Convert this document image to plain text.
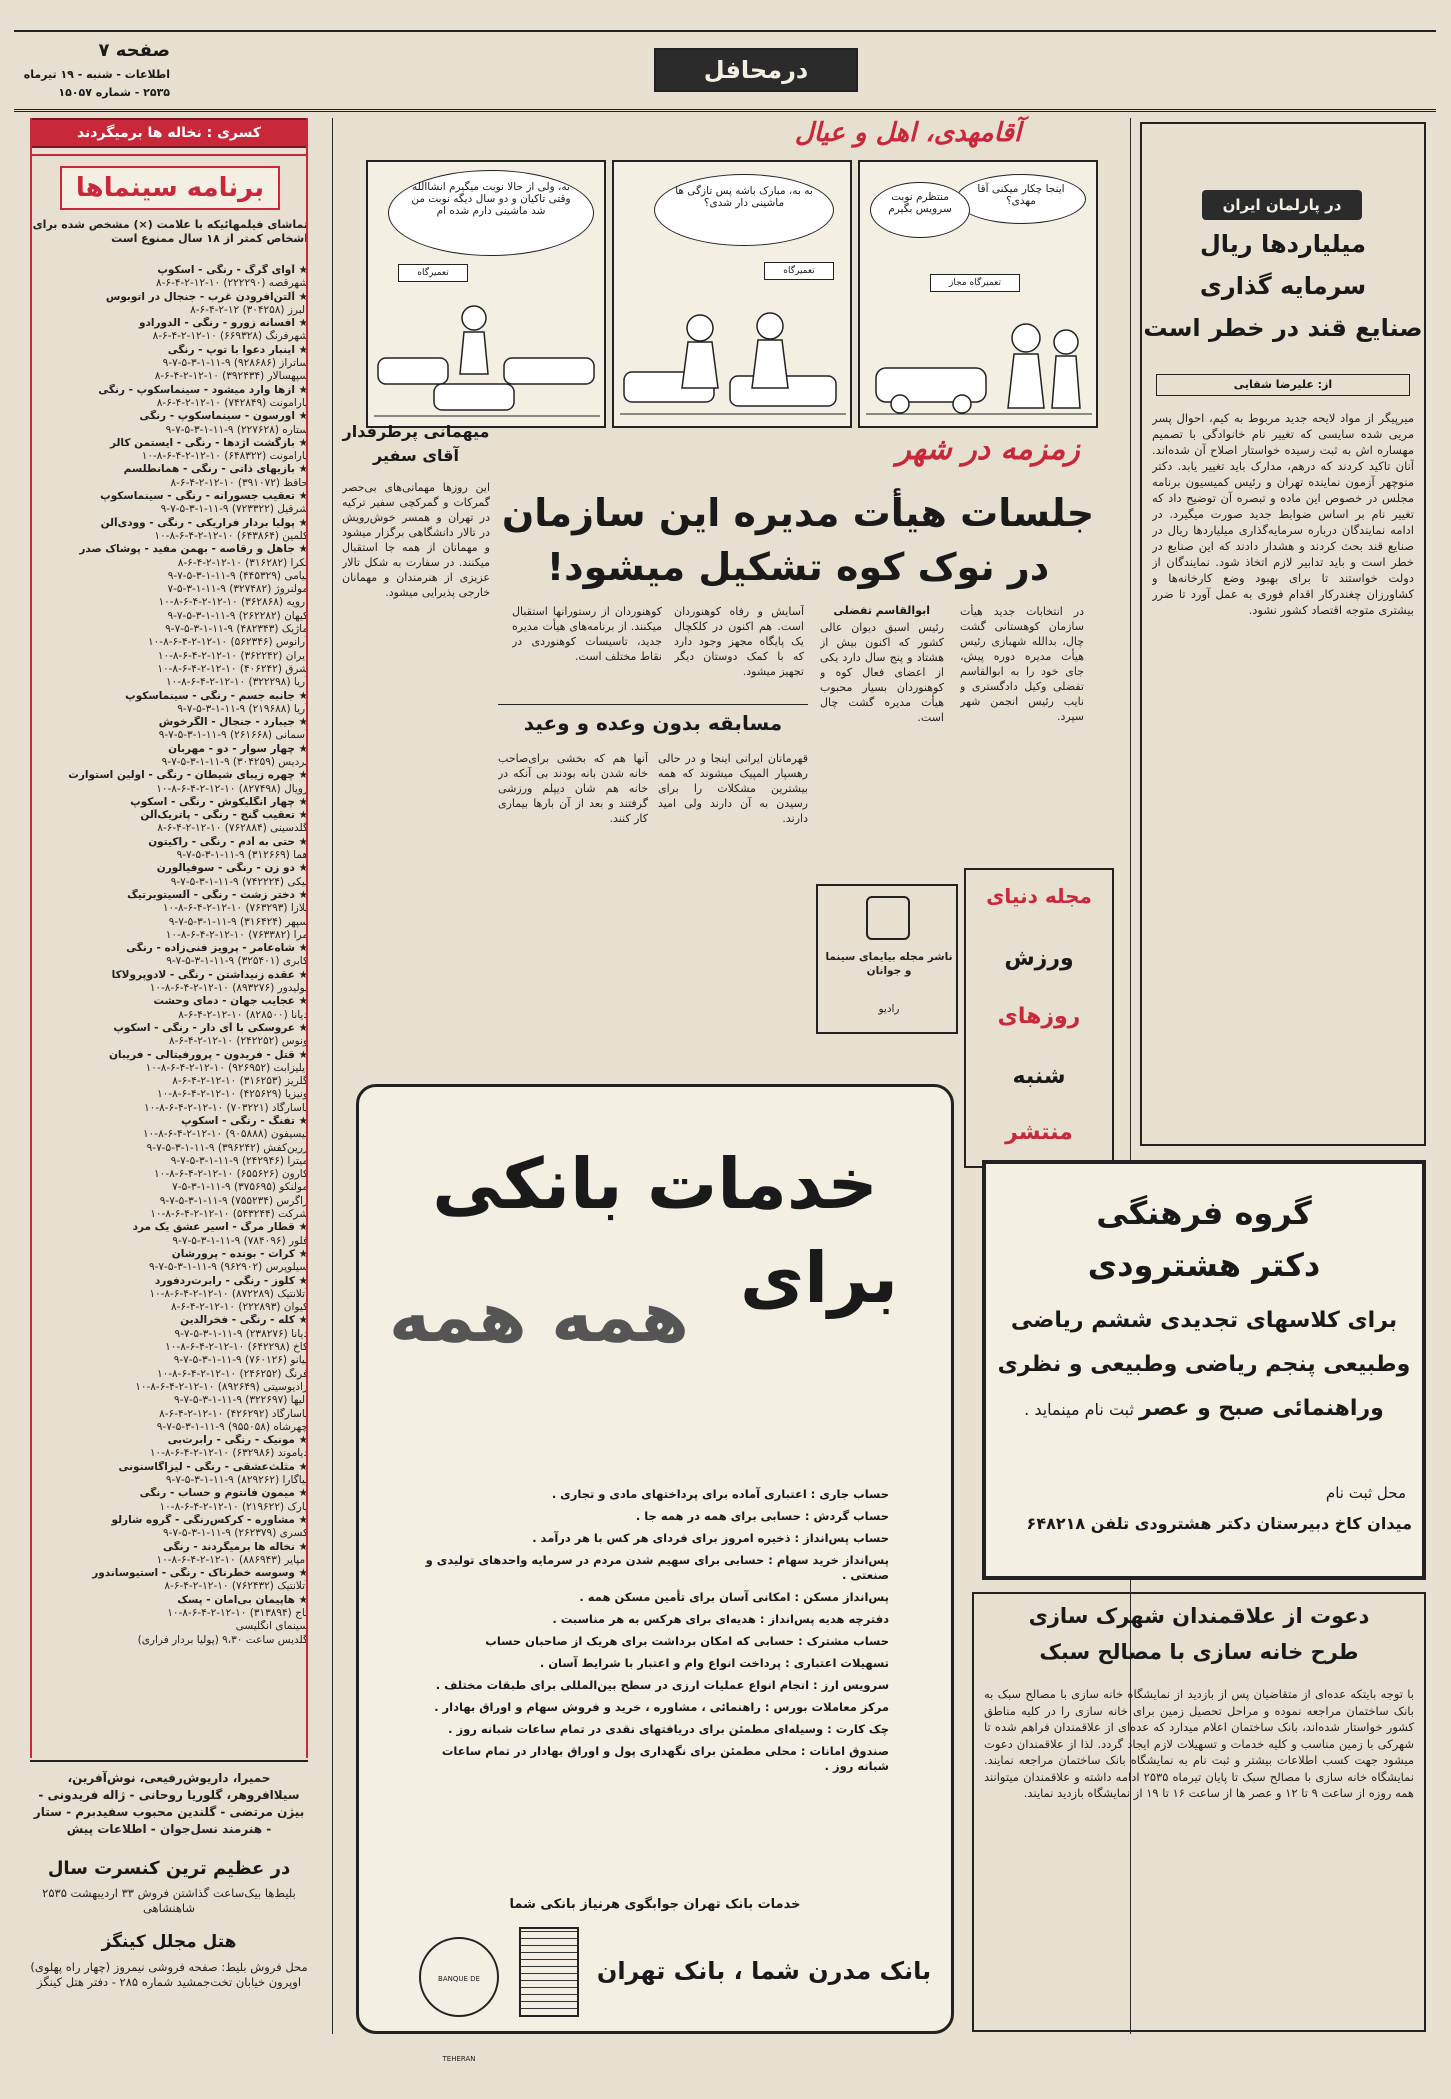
صفحه ۷
اطلاعات - شنبه - ۱۹ تیرماه
۲۵۳۵ - شماره ۱۵۰۵۷
درمحافل
کسری : نخاله ها برمیگردند
برنامه سینماها
تماشای فیلمهائیکه با علامت (×) مشخص شده برای اشخاص کمتر از ۱۸ سال ممنوع است
★ آوای گرگ - رنگی - اسکوپ
شهرقصه (۲۲۲۲۹۰) ۱۰-۱۲-۲-۴-۶-۸
★ آلتن‌افرودن غرب - جنجال در اتوبوس
البرز (۳۰۴۲۵۸) ۱۲-۲-۴-۶-۸
★ افسانه زورو - رنگی - الدورادو
شهرفرنگ (۶۶۹۳۲۸) ۱۰-۱۲-۲-۴-۶-۸
★ اینبار دعوا با توپ - رنگی
ساتراز (۹۲۸۶۸۶) ۹-۱۱-۱-۳-۵-۷-۹
سپهسالار (۳۹۲۴۳۴) ۱۰-۱۲-۲-۴-۶-۸
★ ازها وارد میشود - سینماسکوپ - رنگی
پارامونت (۷۴۲۸۴۹) ۱۰-۱۲-۲-۴-۶-۸
★ اورسون - سینماسکوپ - رنگی
ستاره (۲۲۷۶۲۸) ۹-۱۱-۱-۳-۵-۷-۹
★ بازگشت اژدها - رنگی - ایستمن کالر
پارامونت (۶۴۸۳۲۲) ۱۰-۱۲-۲-۴-۶-۸-۱۰
★ بازیهای ذاتی - رنگی - همانطلسم
حافظ (۳۹۱۰۷۲) ۱۰-۱۲-۲-۴-۶-۸
★ تعقیب جسورانه - رنگی - سینماسکوپ
شرقیل (۷۲۳۳۲۲) ۹-۱۱-۱-۳-۵-۷-۹
★ پولیا بردار فراریکی - رنگی - وودی‌آلن
کلمین (۶۴۳۸۶۴) ۱۰-۱۲-۲-۴-۶-۸-۱۰
★ جاهل و رقاصه - بهمن مفید - پوشاک صدر
تکرا (۳۱۶۲۸۲) ۱۰-۱۲-۲-۴-۶-۸
پیامی (۴۴۵۳۲۹) ۹-۱۱-۱-۳-۵-۷-۹
مولنروژ (۳۲۷۴۸۲) ۹-۱۱-۱-۳-۵-۷
ارویه (۳۶۲۸۶۸) ۱۰-۱۲-۲-۴-۶-۸-۱۰
کیهان (۲۶۲۲۸۲) ۹-۱۱-۱-۳-۵-۷-۹
ماژیک (۴۸۲۳۴۳) ۹-۱۱-۱-۳-۵-۷-۹
آرانوس (۵۶۲۳۴۶) ۱۰-۱۲-۲-۴-۶-۸-۱۰
ایران (۳۶۲۲۴۲) ۱۰-۱۲-۲-۴-۶-۸-۱۰
شرق (۴۰۶۲۴۲) ۱۰-۱۲-۲-۴-۶-۸-۱۰
آریا (۳۲۲۲۹۸) ۱۰-۱۲-۲-۴-۶-۸-۱۰
★ جانبه جسم - رنگی - سینماسکوپ
آریا (۲۱۹۶۸۸) ۹-۱۱-۱-۳-۵-۷-۹
★ جیبارد - جنجال - الگرخوش
آسمانی (۲۶۱۶۶۸) ۹-۱۱-۱-۳-۵-۷-۹
★ چهار سوار - دو - مهربان
پردیس (۳۰۴۲۵۹) ۹-۱۱-۱-۳-۵-۷-۹
★ چهره زیبای شیطان - رنگی - اولین استوارت
رویال (۸۲۷۴۹۸) ۱۰-۱۲-۲-۴-۶-۸-۱۰
★ چهار انگلیکوش - رنگی - اسکوپ
★ تعقیب گنج - رنگی - پاتریک‌آلن
گلدسینی (۷۶۲۸۸۴) ۱۰-۱۲-۲-۴-۶-۸
★ حتی به آدم - رنگی - راکیتون
هما (۳۱۲۶۶۹) ۹-۱۱-۱-۳-۵-۷-۹
★ دو زن - رنگی - سوفیالورن
نیکی (۷۴۲۲۲۴) ۹-۱۱-۱-۳-۵-۷-۹
★ دختر زشت - رنگی - آلسیتوبرتیگ
پلازا (۷۶۳۲۹۳) ۱۰-۱۲-۲-۴-۶-۸-۱۰
سپهر (۳۱۶۴۲۴) ۹-۱۱-۱-۳-۵-۷-۹
مرا (۷۶۳۳۸۲) ۱۰-۱۲-۲-۴-۶-۸-۱۰
★ شاه‌عامر - پرویز فنی‌زاده - رنگی
کابری (۳۲۵۴۰۱) ۹-۱۱-۱-۳-۵-۷-۹
★ عقده زنیداشتن - رنگی - لادوپرولاکا
پولیدور (۸۹۳۲۷۶) ۱۰-۱۲-۲-۴-۶-۸-۱۰
★ عجایب جهان - دمای وحشت
دیانا (۸۲۸۵۰۰) ۱۰-۱۲-۲-۴-۶-۸
★ عروسکی با آی دار - رنگی - اسکوپ
ونوس (۲۴۲۲۵۲) ۱۰-۱۲-۲-۴-۶-۸
★ قتل - فریدون - پرورفیتالی - فریبان
ایلیزابت (۹۲۶۹۵۲) ۱۰-۱۲-۲-۴-۶-۸-۱۰
گلریز (۳۱۶۲۵۳) ۱۰-۱۲-۲-۴-۶-۸
ونیزیا (۴۲۵۶۲۹) ۱۰-۱۲-۲-۴-۶-۸-۱۰
پاسارگاد (۷۰۳۲۲۱) ۱۰-۱۲-۲-۴-۶-۸-۱۰
★ تفنگ - رنگی - اسکوپ
تیسیفون (۹۰۵۸۸۸) ۱۰-۱۲-۲-۴-۶-۸-۱۰
زرین‌کفش (۳۹۶۲۴۲) ۹-۱۱-۱-۳-۵-۷-۹
میترا (۲۴۲۹۴۶) ۹-۱۱-۱-۳-۵-۷-۹
کارون (۶۵۵۶۲۶) ۱۰-۱۲-۲-۴-۶-۸-۱۰
مولنکو (۳۷۵۶۹۵) ۹-۱۱-۱-۳-۵-۷
زاگرس (۷۵۵۲۳۴) ۹-۱۱-۱-۳-۵-۷-۹
شرکت (۵۴۳۲۴۴) ۱۰-۱۲-۲-۴-۶-۸-۱۰
★ قطار مرگ - اسیر عشق یک مرد
فلور (۷۸۴۰۹۶) ۹-۱۱-۱-۳-۵-۷-۹
★ کرات - بونده - پرورشان
سیلوپرس (۹۶۲۹۰۲) ۹-۱۱-۱-۳-۵-۷-۹
★ کلوز - رنگی - رابرت‌ردفورد
آتلانتیک (۸۷۲۲۸۹) ۱۰-۱۲-۲-۴-۶-۸-۱۰
کیوان (۲۲۲۸۹۳) ۱۰-۱۲-۲-۴-۶-۸
★ کله - رنگی - فخرالدین
دیانا (۲۳۸۲۷۶) ۹-۱۱-۱-۳-۵-۷-۹
کاخ (۶۴۲۲۹۸) ۱۰-۱۲-۲-۴-۶-۸-۱۰
پیانو (۷۶۰۱۲۶) ۹-۱۱-۱-۳-۵-۷-۹
فرنگ (۲۴۶۲۵۲) ۱۰-۱۲-۲-۴-۶-۸-۱۰
رادیوسیتی (۸۹۲۶۴۹) ۱۰-۱۲-۲-۴-۶-۸-۱۰
الیها (۳۲۲۶۹۷) ۹-۱۱-۱-۳-۵-۷-۹
پاسارگاد (۴۲۶۲۹۲) ۱۰-۱۲-۲-۴-۶-۸
چهرشاه (۹۵۵۰۵۸) ۹-۱۱-۱-۳-۵-۷-۹
★ مونیک - رنگی - رابرت‌بی
دیاموند (۶۳۲۹۸۶) ۱۰-۱۲-۲-۴-۶-۸-۱۰
★ مثلث‌عشقی - رنگی - لیزاگاسنونی
نیاگارا (۸۲۹۲۶۲) ۹-۱۱-۱-۳-۵-۷-۹
★ میمون فانتوم و حساب - رنگی
پارک (۲۱۹۶۲۲) ۱۰-۱۲-۲-۴-۶-۸-۱۰
★ مشاوره - کرکس‌رنگی - گروه شارلو
کسری (۲۶۲۳۷۹) ۹-۱۱-۱-۳-۵-۷-۹
★ نخاله ها برمیگردند - رنگی
امپایر (۸۸۶۹۴۳) ۱۰-۱۲-۲-۴-۶-۸-۱۰
★ وسوسه خطرناک - رنگی - استیوساندور
آتلانتیک (۷۶۲۴۳۲) ۱۰-۱۲-۲-۴-۶-۸
★ هاپیمان بی‌امان - پسک
تاج (۳۱۳۸۹۴) ۱۰-۱۲-۲-۴-۶-۸-۱۰
سینمای انگلیسی
گلدیس ساعت ۹،۳۰ (پولیا بردار فراری)
حمیرا، داریوش‌رفیعی، نوش‌آفرین، سیلاافروهر، گلوریا روحانی - ژاله فریدونی - بیژن مرتضی - گلندین محبوب سفیدبرم - ستار - هنرمند نسل‌جوان - اطلاعات پیش
در عظیم ترین کنسرت سال
بلیط‌ها بیک‌ساعت گذاشتن فروش ۳۳ اردیبهشت ۲۵۳۵ شاهنشاهی
هتل مجلل کینگز
محل فروش بلیط: صفحه فروشی نیمروز (چهار راه پهلوی) اوپرون خیابان تخت‌جمشید شماره ۲۸۵ - دفتر هتل کینگز
آقامهدی، اهل و عیال
اینجا چکار میکنی آقا مهدی؟
منتظرم نوبت سرویس بگیرم
تعمیرگاه مجاز
به به، مبارک باشه پس تازگی ها ماشینی دار شدی؟
تعمیرگاه
نه، ولی از حالا نوبت میگیرم انشاالله وقتی تاکیان و دو سال دیگه نوبت من شد ماشینی دارم شده ام
تعمیرگاه
زمزمه در شهر
جلسات هیأت مدیره این سازمان در نوک کوه تشکیل میشود!
ابوالقاسم تفضلی	در انتخابات جدید هیأت سازمان کوهستانی گشت چال، بدالله شهبازی رئیس هیأت مدیره دوره پیش، جای خود را به ابوالقاسم تفضلی وکیل دادگستری و نایب رئیس انجمن شهر سپرد.
رئیس اسبق دیوان عالی کشور که اکنون بیش از هشتاد و پنج سال دارد یکی از اعضای فعال کوه و کوهنوردان بسیار محبوب هیأت مدیره گشت چال است.
آسایش و رفاه کوهنوردان است. هم اکنون در کلکچال یک پایگاه مجهز وجود دارد که با کمک دوستان دیگر تجهیز میشود.
کوهنوردان از رستورانها استقبال میکنند. از برنامه‌های هیأت مدیره جدید، تاسیسات کوهنوردی در نقاط مختلف است.
مسابقه بدون وعده و وعید
آنها هم که بخشی برای‌صاحب خانه شدن بانه بودند بی آنکه در خانه هم شان دیپلم ورزشی گرفتند و بعد از آن بارها بیماری کار کنند.
قهرمانان ایرانی اینجا و در حالی رهسپار المپیک میشوند که همه بیشترین مشکلات را برای رسیدن به آن دارند ولی امید دارند.
ناشر مجله بیایمای سینما و جوانان
رادیو
مجله دنیای
ورزش
روزهای
شنبه
منتشر
میهمانی پرطرفدار آقای سفیر
این روزها مهمانی‌های بی‌حصر گمرکات و گمرکچی سفیر ترکیه در تهران و همسر خوش‌رویش در تالار دانشگاهی برگزار میشود و مهمانان از همه جا استقبال میکنند. در سفارت به شکل تالار عزیزی از هنرمندان و مهمانان خارجی پذیرایی میشود.
در پارلمان ایران
میلیاردها ریال
سرمایه گذاری
صنایع قند در خطر است
از: علیرضا شفایی
میرپیگر از مواد لایحه جدید مربوط به کیم، احوال پسر مریی شده سایسی که تغییر نام خانوادگی با تصمیم مهساره اش به ثبت رسیده خواستار اصلاح آن شده‌اند. آنان تاکید کردند که درهم، مدارک باید تغییر یابد. دکتر منوچهر آزمون نماینده تهران و رئیس کمیسیون برنامه مجلس در خصوص این ماده و تبصره آن توضیح داد که تغییر نام بر اساس ضوابط جدید صورت میگیرد. در ادامه نمایندگان درباره سرمایه‌گذاری میلیاردها ریال در صنایع قند بحث کردند و هشدار دادند که این صنایع در خطر است و باید تدابیر لازم اتخاذ شود. نمایندگان از دولت خواستند تا برای بهبود وضع کارخانه‌ها و کشاورزان چغندرکار اقدام فوری به عمل آورد تا ضرر بیشتری متوجه اقتصاد کشور نشود.
خدمات بانکی
برای
همه همه
حساب جاری : اعتباری آماده برای پرداختهای مادی و تجاری .
حساب گردش : حسابی برای همه در همه جا .
حساب پس‌انداز : ذخیره امروز برای فردای هر کس با هر درآمد .
پس‌انداز خرید سهام : حسابی برای سهیم شدن مردم در سرمایه واحدهای تولیدی و صنعتی .
پس‌انداز مسکن : امکانی آسان برای تأمین مسکن همه .
دفترچه هدیه پس‌انداز : هدیه‌ای برای هرکس به هر مناسبت .
حساب مشترک : حسابی که امکان برداشت برای هریک از صاحبان حساب
تسهیلات اعتباری : پرداخت انواع وام و اعتبار با شرایط آسان .
سرویس ارز : انجام انواع عملیات ارزی در سطح بین‌المللی برای طبقات مختلف .
مرکز معاملات بورس : راهنمائی ، مشاوره ، خرید و فروش سهام و اوراق بهادار .
چک کارت : وسیله‌ای مطمئن برای دریافتهای نقدی در تمام ساعات شبانه روز .
صندوق امانات : محلی مطمئن برای نگهداری پول و اوراق بهادار در تمام ساعات شبانه روز .
خدمات بانک تهران جوابگوی هرنیاز بانکی شما
BANQUE DE TEHERAN
بانک مدرن شما ، بانک تهران
گروه فرهنگی
دکتر هشترودی
برای کلاسهای تجدیدی ششم ریاضی
وطبیعی پنجم ریاضی وطبیعی و نظری
وراهنمائی صبح و عصر ثبت نام مینماید .
محل ثبت نام
میدان کاخ دبیرستان دکتر هشترودی تلفن ۶۴۸۲۱۸
دعوت از علاقمندان شهرک سازی
طرح خانه سازی با مصالح سبک
با توجه بایتکه عده‌ای از متقاضیان پس از بازدید از نمایشگاه خانه سازی با مصالح سبک به بانک ساختمان مراجعه نموده و مراحل تحصیل زمین برای خانه سازی را در کلیه مناطق کشور خواستار شده‌اند، بانک ساختمان اعلام میدارد که عده‌ای از علاقمندان فراهم شده تا شهرکی با زمین مناسب و کلیه خدمات و تسهیلات لازم ایجاد گردد. لذا از علاقمندان دعوت میشود جهت کسب اطلاعات بیشتر و ثبت نام به نمایشگاه بانک ساختمان مراجعه نمایند. نمایشگاه خانه سازی با مصالح سبک تا پایان تیرماه ۲۵۳۵ ادامه داشته و علاقمندان میتوانند همه روزه از ساعت ۹ تا ۱۲ و عصر ها از ساعت ۱۶ تا ۱۹ از نمایشگاه بازدید نمایند.
